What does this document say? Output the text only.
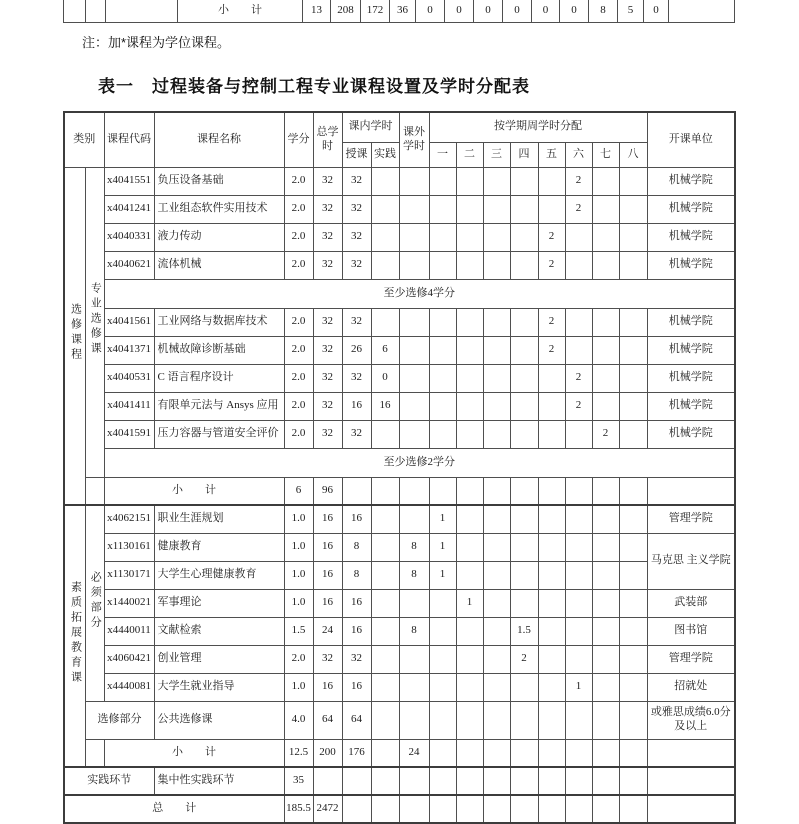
			小　　计	13	208	172	36	0	0	0	0	0	0	8	5	0	
注：加*课程为学位课程。
表一　过程装备与控制工程专业课程设置及学时分配表
类别		课程代码	课程名称	学分	总学时	课内学时		课外学时	按学期周学时分配								开课单位
						授课	实践		一	二	三	四	五	六	七	八	
选修课程	专业选修课	x4041551	负压设备基础	2.0	32	32								2			机械学院
		x4041241	工业组态软件实用技术	2.0	32	32								2			机械学院
		x4040331	液力传动	2.0	32	32							2				机械学院
		x4040621	流体机械	2.0	32	32							2				机械学院
		至少选修4学分															
		x4041561	工业网络与数据库技术	2.0	32	32							2				机械学院
		x4041371	机械故障诊断基础	2.0	32	26	6						2				机械学院
		x4040531	C 语言程序设计	2.0	32	32	0							2			机械学院
		x4041411	有限单元法与 Ansys 应用	2.0	32	16	16							2			机械学院
		x4041591	压力容器与管道安全评价	2.0	32	32									2		机械学院
		至少选修2学分															
		小　　计		6	96												
素质拓展教育课	必须部分	x4062151	职业生涯规划	1.0	16	16			1								管理学院
		x1130161	健康教育	1.0	16	8		8	1								马克思 主义学院
		x1130171	大学生心理健康教育	1.0	16	8		8	1								
		x1440021	军事理论	1.0	16	16				1							武装部
		x4440011	文献检索	1.5	24	16		8				1.5					图书馆
		x4060421	创业管理	2.0	32	32						2					管理学院
		x4440081	大学生就业指导	1.0	16	16								1			招就处
	选修部分		公共选修课	4.0	64	64											或雅思成绩6.0分 及以上
		小　　计		12.5	200	176		24									
实践环节			集中性实践环节	35													
总　　计				185.5	2472												
